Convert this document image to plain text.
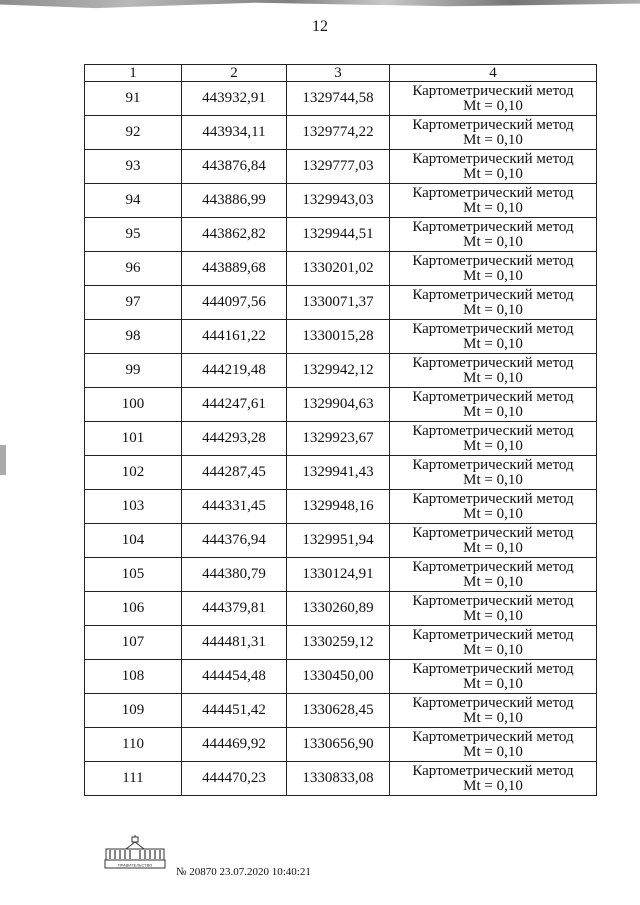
12
1	2	3	4
91	443932,91	1329744,58	Картометрический метод
Mt = 0,10

92	443934,11	1329774,22	Картометрический метод
Mt = 0,10

93	443876,84	1329777,03	Картометрический метод
Mt = 0,10

94	443886,99	1329943,03	Картометрический метод
Mt = 0,10

95	443862,82	1329944,51	Картометрический метод
Mt = 0,10

96	443889,68	1330201,02	Картометрический метод
Mt = 0,10

97	444097,56	1330071,37	Картометрический метод
Mt = 0,10

98	444161,22	1330015,28	Картометрический метод
Mt = 0,10

99	444219,48	1329942,12	Картометрический метод
Mt = 0,10

100	444247,61	1329904,63	Картометрический метод
Mt = 0,10

101	444293,28	1329923,67	Картометрический метод
Mt = 0,10

102	444287,45	1329941,43	Картометрический метод
Mt = 0,10

103	444331,45	1329948,16	Картометрический метод
Mt = 0,10

104	444376,94	1329951,94	Картометрический метод
Mt = 0,10

105	444380,79	1330124,91	Картометрический метод
Mt = 0,10

106	444379,81	1330260,89	Картометрический метод
Mt = 0,10

107	444481,31	1330259,12	Картометрический метод
Mt = 0,10

108	444454,48	1330450,00	Картометрический метод
Mt = 0,10

109	444451,42	1330628,45	Картометрический метод
Mt = 0,10

110	444469,92	1330656,90	Картометрический метод
Mt = 0,10

111	444470,23	1330833,08	Картометрический метод
Mt = 0,10
ПРАВИТЕЛЬСТВО
№ 20870 23.07.2020 10:40:21
